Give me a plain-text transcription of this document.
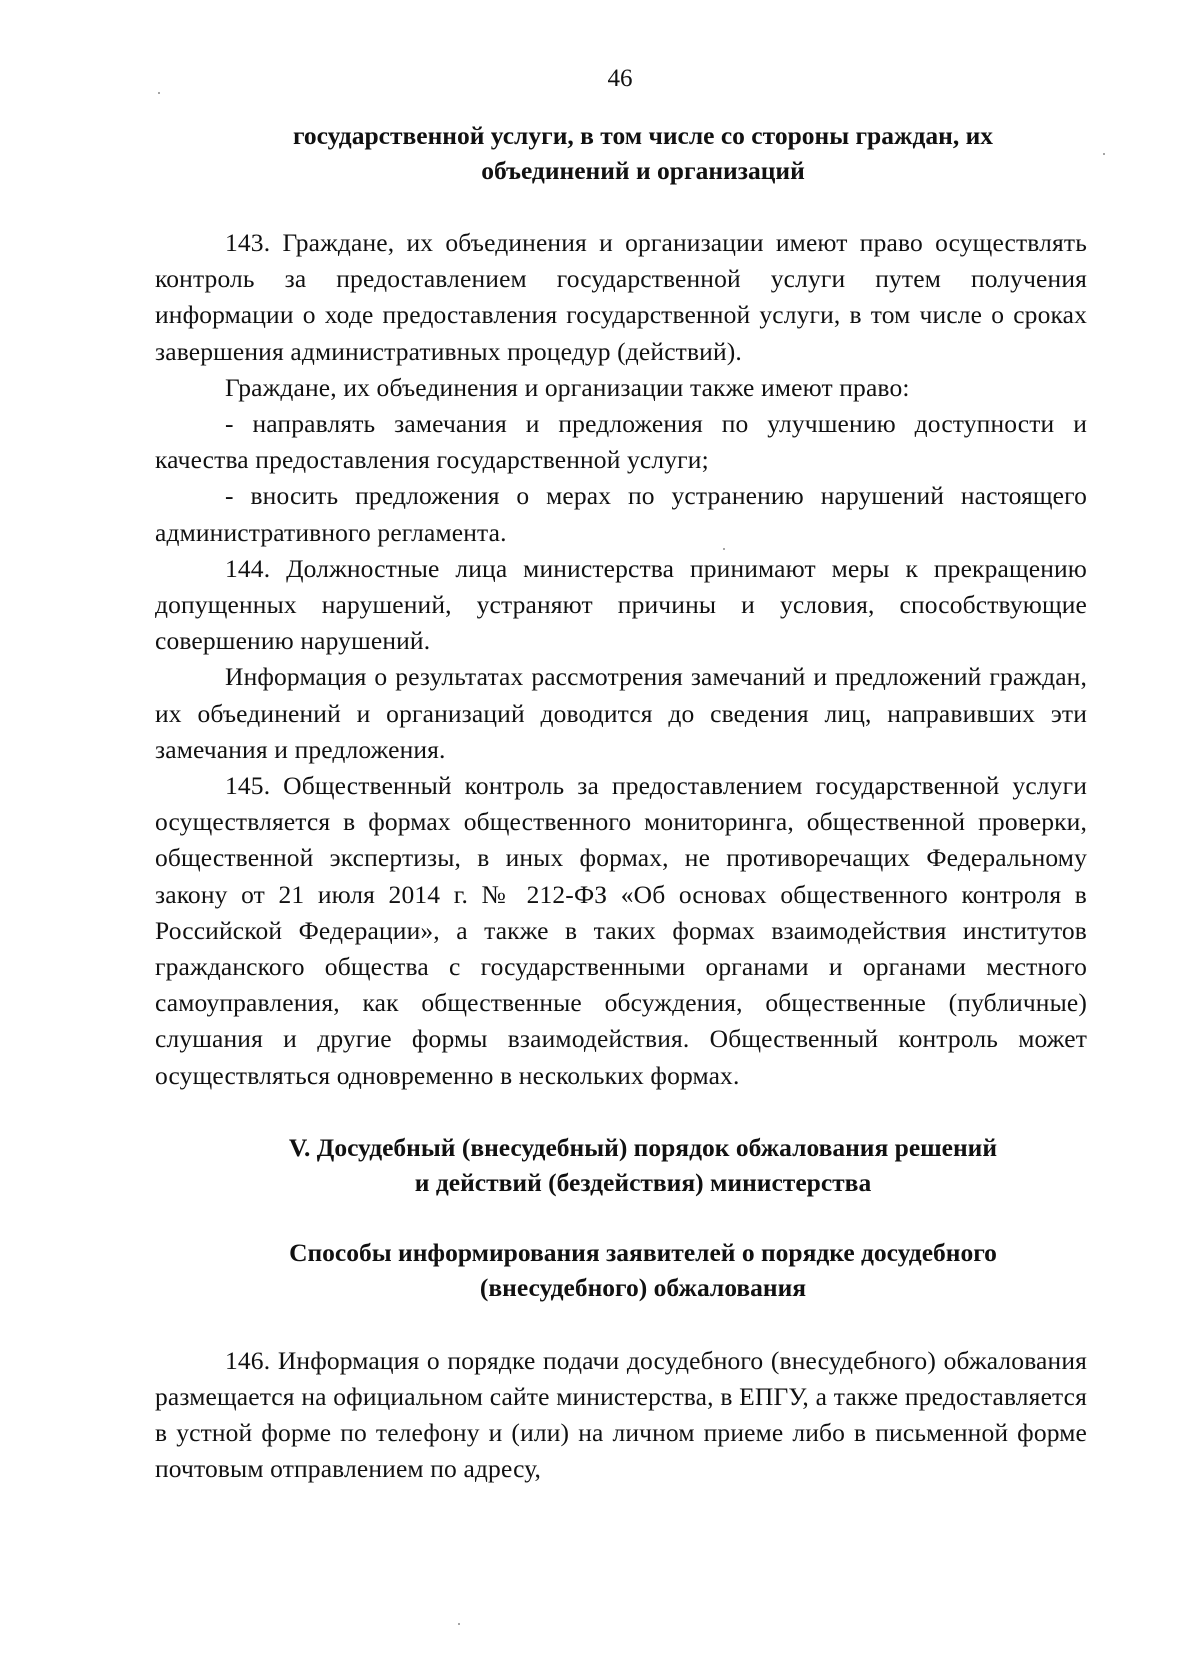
46
государственной услуги, в том числе со стороны граждан, их
объединений и организаций

143. Граждане, их объединения и организации имеют право осуществлять контроль за предоставлением государственной услуги путем получения информации о ходе предоставления государственной услуги, в том числе о сроках завершения административных процедур (действий).

Граждане, их объединения и организации также имеют право:

- направлять замечания и предложения по улучшению доступности и качества предоставления государственной услуги;

- вносить предложения о мерах по устранению нарушений настоящего административного регламента.

144. Должностные лица министерства принимают меры к прекращению допущенных нарушений, устраняют причины и условия, способствующие совершению нарушений.

Информация о результатах рассмотрения замечаний и предложений граждан, их объединений и организаций доводится до сведения лиц, направивших эти замечания и предложения.

145. Общественный контроль за предоставлением государственной услуги осуществляется в формах общественного мониторинга, общественной проверки, общественной экспертизы, в иных формах, не противоречащих Федеральному закону от 21 июля 2014 г. № 212-ФЗ «Об основах общественного контроля в Российской Федерации», а также в таких формах взаимодействия институтов гражданского общества с государственными органами и органами местного самоуправления, как общественные обсуждения, общественные (публичные) слушания и другие формы взаимодействия. Общественный контроль может осуществляться одновременно в нескольких формах.

V. Досудебный (внесудебный) порядок обжалования решений
и действий (бездействия) министерства
Способы информирования заявителей о порядке досудебного
(внесудебного) обжалования

146. Информация о порядке подачи досудебного (внесудебного) обжалования размещается на официальном сайте министерства, в ЕПГУ, а также предоставляется в устной форме по телефону и (или) на личном приеме либо в письменной форме почтовым отправлением по адресу,
